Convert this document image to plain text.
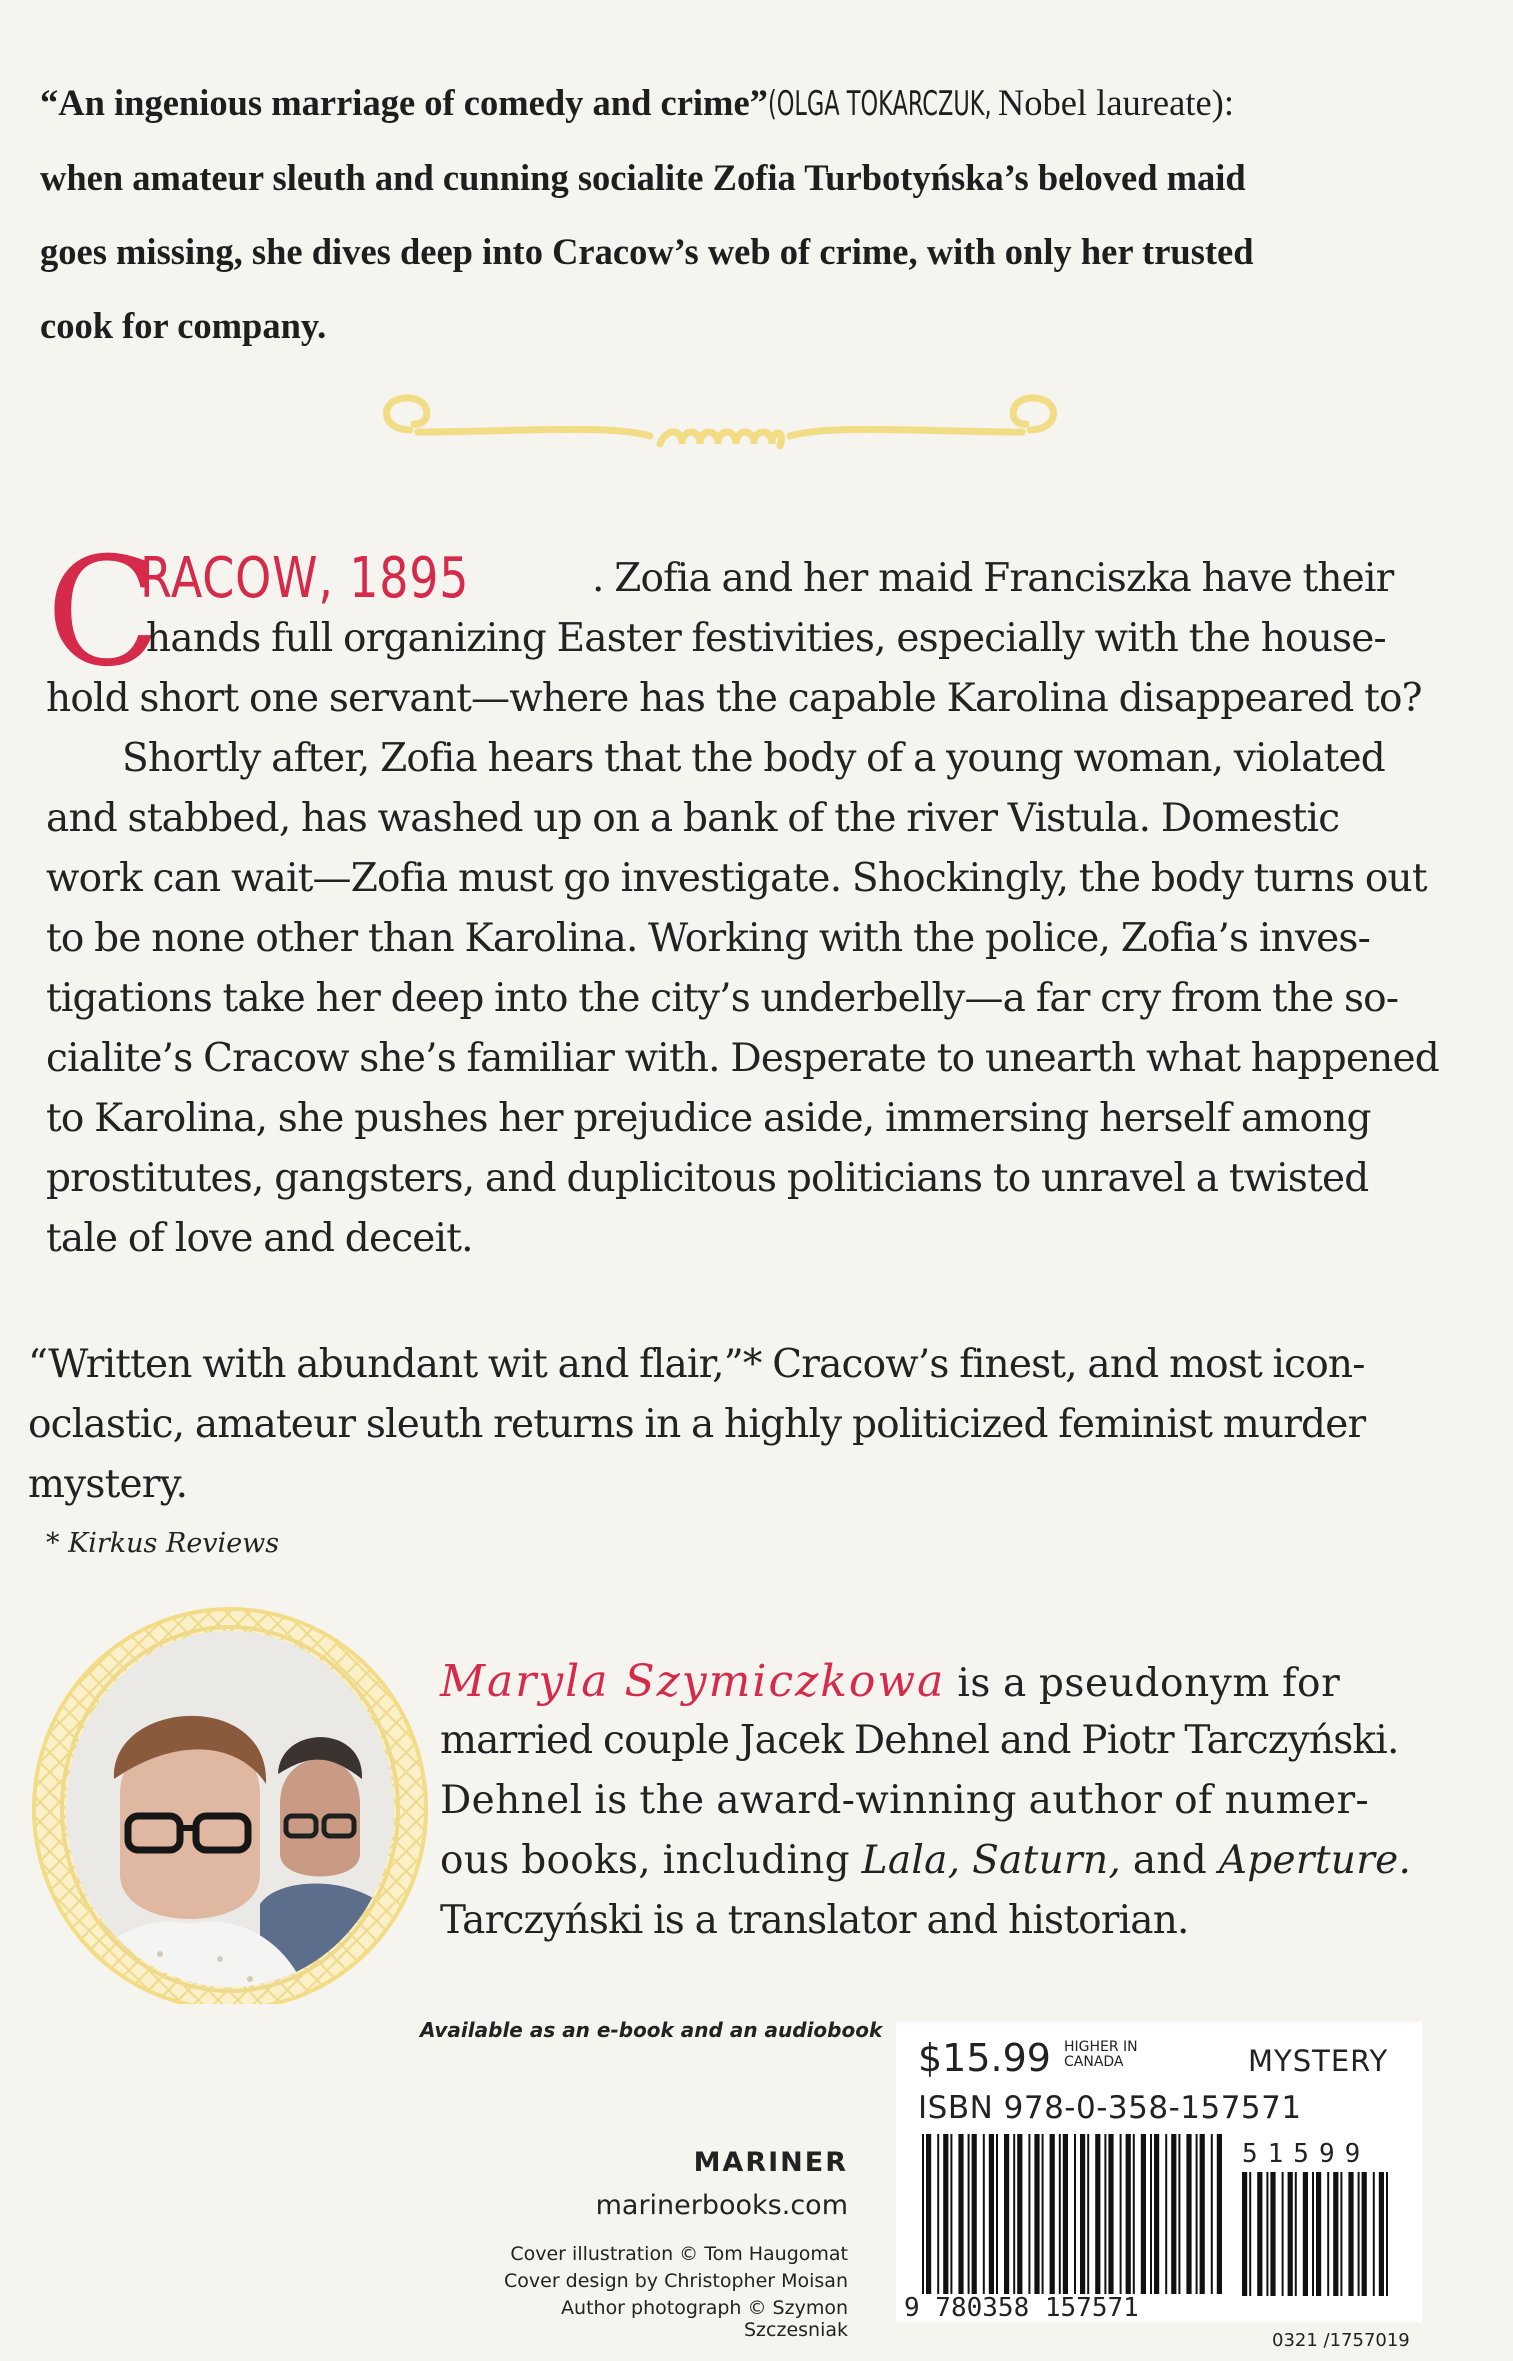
“An ingenious marriage of comedy and crime”(OLGA TOKARCZUK, Nobel laureate):
when amateur sleuth and cunning socialite Zofia Turbotyńska’s beloved maid
goes missing, she dives deep into Cracow’s web of crime, with only her trusted
cook for company.
C
RACOW, 1895	. Zofia and her maid Franciszka have their
hands full organizing Easter festivities, especially with the house-
hold short one servant—where has the capable Karolina disappeared to?
Shortly after, Zofia hears that the body of a young woman, violated
and stabbed, has washed up on a bank of the river Vistula. Domestic
work can wait—Zofia must go investigate. Shockingly, the body turns out
to be none other than Karolina. Working with the police, Zofia’s inves-
tigations take her deep into the city’s underbelly—a far cry from the so-
cialite’s Cracow she’s familiar with. Desperate to unearth what happened
to Karolina, she pushes her prejudice aside, immersing herself among
prostitutes, gangsters, and duplicitous politicians to unravel a twisted
tale of love and deceit.
“Written with abundant wit and flair,”* Cracow’s finest, and most icon-
oclastic, amateur sleuth returns in a highly politicized feminist murder
mystery.
* Kirkus Reviews
Maryla Szymiczkowa is a pseudonym for
married couple Jacek Dehnel and Piotr Tarczyński.
Dehnel is the award-winning author of numer-
ous books, including Lala, Saturn, and Aperture.
Tarczyński is a translator and historian.
Available as an e-book and an audiobook
MARINER
marinerbooks.com
Cover illustration © Tom Haugomat
Cover design by Christopher Moisan
Author photograph © Szymon Szczesniak
$15.99 HIGHER IN
CANADA	MYSTERY
ISBN 978-0-358-157571
9 780358 157571
51599
0321 /1757019
